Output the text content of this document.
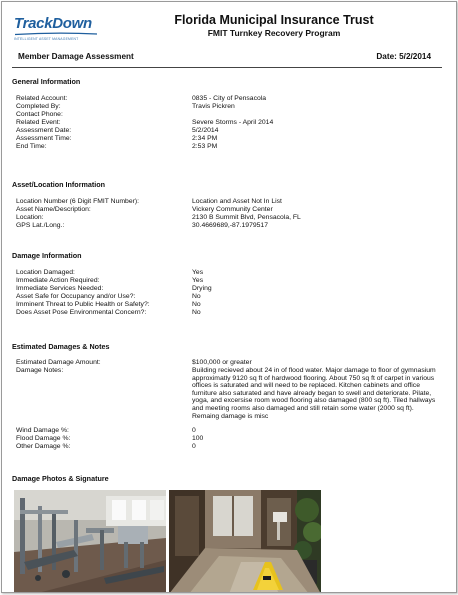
TrackDown
INTELLIGENT ASSET MANAGEMENT
Florida Municipal Insurance Trust
FMIT Turnkey Recovery Program
Member Damage Assessment	Date: 5/2/2014
General Information
Related Account:	0835 - City of Pensacola
Completed By:	Travis Pickren
Contact Phone:
Related Event:	Severe Storms - April 2014
Assessment Date:	5/2/2014
Assessment Time:	2:34 PM
End Time:	2:53 PM
Asset/Location Information
Location Number (6 Digit FMIT Number):	Location and Asset Not In List
Asset Name/Description:	Vickery Community Center
Location:	2130 B Summit Blvd, Pensacola, FL
GPS Lat./Long.:	30.4669689,-87.1979517
Damage Information
Location Damaged:	Yes
Immediate Action Required:	Yes
Immediate Services Needed:	Drying
Asset Safe for Occupancy and/or Use?:	No
Imminent Threat to Public Health or Safety?:	No
Does Asset Pose Environmental Concern?:	No
Estimated Damages & Notes
Estimated Damage Amount:	$100,000 or greater
Damage Notes:	Building recieved about 24 in of flood water. Major damage to floor of gymnasium approximatly 9120 sq ft of hardwood flooring. About 750 sq ft of carpet in various offices is saturated and will need to be replaced. Kitchen cabinets and office furniture also saturated and have already began to swell and deteriorate. Pilate, yoga, and excersise room wood flooring also damaged (800 sq ft). Tiled hallways and meeting rooms also damaged and still retain some water (2000 sq ft). Remaing damage is misc
Wind Damage %:	0
Flood Damage %:	100
Other Damage %:	0
Damage Photos & Signature
